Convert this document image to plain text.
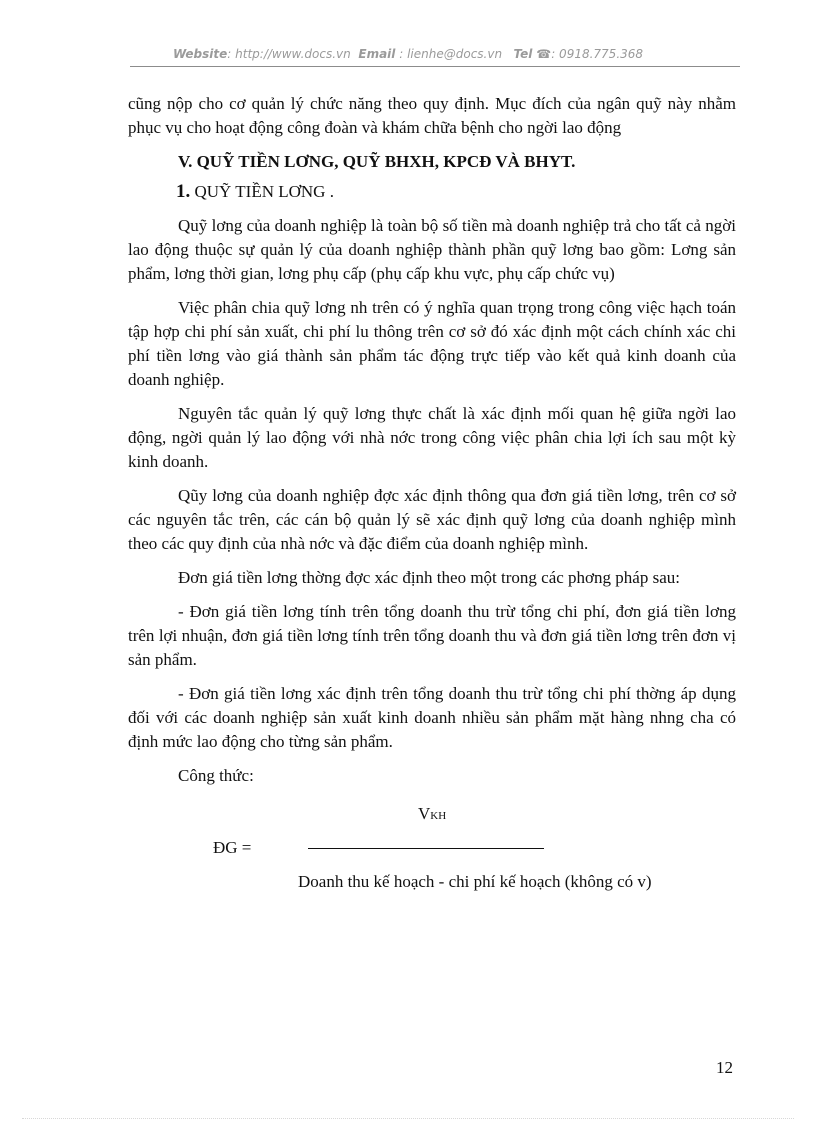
Website: http://www.docs.vn Email : lienhe@docs.vn Tel ☎: 0918.775.368

cũng nộp cho cơ quản lý chức năng theo quy định. Mục đích của ngân quỹ này nhằm phục vụ cho hoạt động công đoàn và khám chữa bệnh cho ngời lao động

V. QUỸ TIỀN LƠNG, QUỸ BHXH, KPCĐ VÀ BHYT.

1. QUỸ TIỀN LƠNG .

Quỹ lơng của doanh nghiệp là toàn bộ số tiền mà doanh nghiệp trả cho tất cả ngời lao động thuộc sự quản lý của doanh nghiệp thành phần quỹ lơng bao gồm: Lơng sản phẩm, lơng thời gian, lơng phụ cấp (phụ cấp khu vực, phụ cấp chức vụ)

Việc phân chia quỹ lơng nh trên có ý nghĩa quan trọng trong công việc hạch toán tập hợp chi phí sản xuất, chi phí lu thông trên cơ sở đó xác định một cách chính xác chi phí tiền lơng vào giá thành sản phẩm tác động trực tiếp vào kết quả kinh doanh của doanh nghiệp.

Nguyên tắc quản lý quỹ lơng thực chất là xác định mối quan hệ giữa ngời lao động, ngời quản lý lao động với nhà nớc trong công việc phân chia lợi ích sau một kỳ kinh doanh.

Qũy lơng của doanh nghiệp đợc xác định thông qua đơn giá tiền lơng, trên cơ sở các nguyên tắc trên, các cán bộ quản lý sẽ xác định quỹ lơng của doanh nghiệp mình theo các quy định của nhà nớc và đặc điểm của doanh nghiệp mình.

Đơn giá tiền lơng thờng đợc xác định theo một trong các phơng pháp sau:

- Đơn giá tiền lơng tính trên tổng doanh thu trừ tổng chi phí, đơn giá tiền lơng trên lợi nhuận, đơn giá tiền lơng tính trên tổng doanh thu và đơn giá tiền lơng trên đơn vị sản phẩm.

- Đơn giá tiền lơng xác định trên tổng doanh thu trừ tổng chi phí thờng áp dụng đối với các doanh nghiệp sản xuất kinh doanh nhiều sản phẩm mặt hàng nhng cha có định mức lao động cho từng sản phẩm.

Công thức:

VKH
ĐG =
Doanh thu kế hoạch - chi phí kế hoạch (không có v)
12
